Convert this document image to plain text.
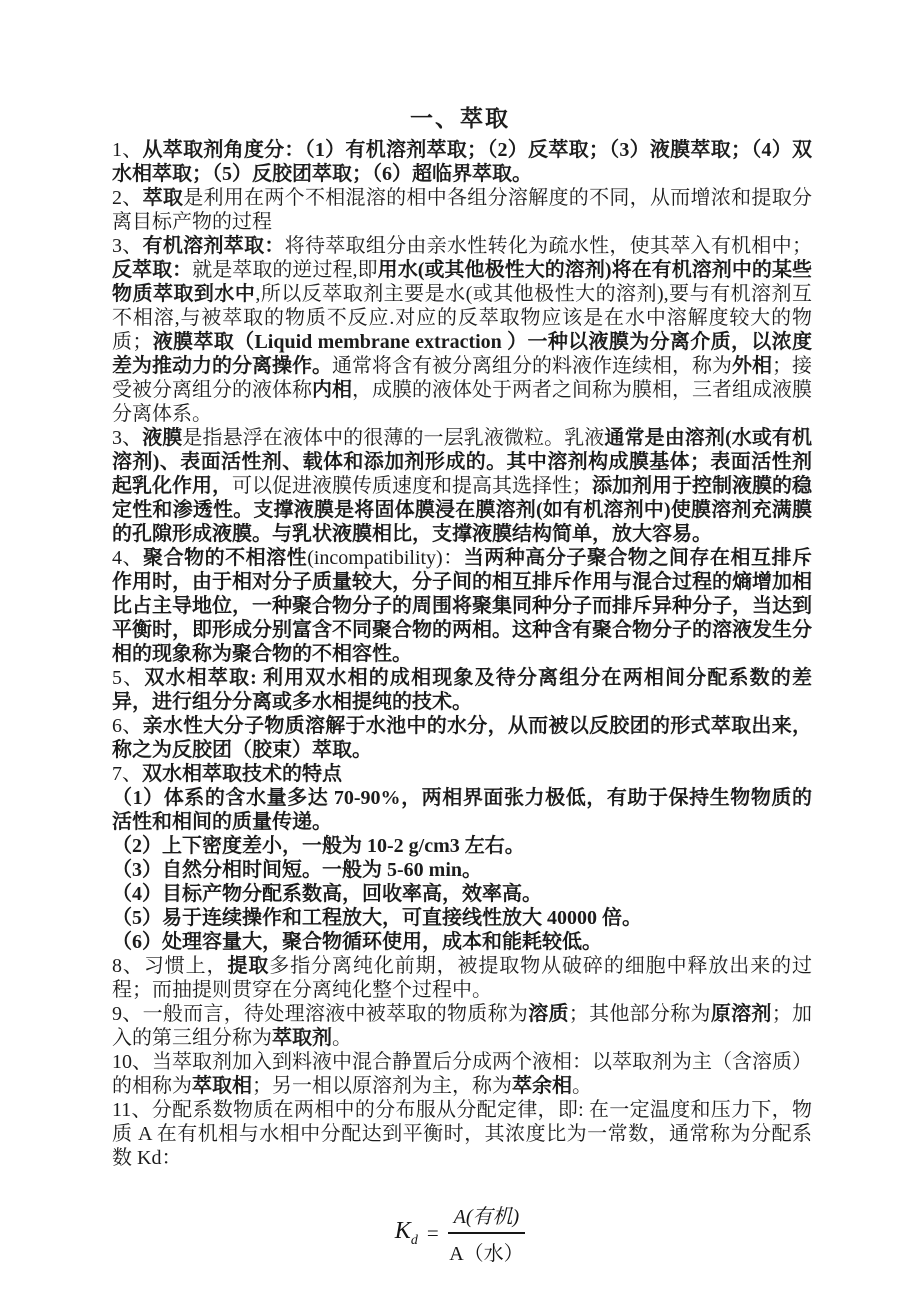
一、萃取

1、从萃取剂角度分：（1）有机溶剂萃取；（2）反萃取；（3）液膜萃取；（4）双水相萃取；（5）反胶团萃取；（6）超临界萃取。

2、萃取是利用在两个不相混溶的相中各组分溶解度的不同，从而增浓和提取分离目标产物的过程

3、有机溶剂萃取：将待萃取组分由亲水性转化为疏水性，使其萃入有机相中；反萃取：就是萃取的逆过程,即用水(或其他极性大的溶剂)将在有机溶剂中的某些物质萃取到水中,所以反萃取剂主要是水(或其他极性大的溶剂),要与有机溶剂互不相溶,与被萃取的物质不反应.对应的反萃取物应该是在水中溶解度较大的物质；液膜萃取（Liquid membrane extraction ）一种以液膜为分离介质，以浓度差为推动力的分离操作。通常将含有被分离组分的料液作连续相，称为外相；接受被分离组分的液体称内相，成膜的液体处于两者之间称为膜相，三者组成液膜分离体系。

3、液膜是指悬浮在液体中的很薄的一层乳液微粒。乳液通常是由溶剂(水或有机溶剂)、表面活性剂、载体和添加剂形成的。其中溶剂构成膜基体；表面活性剂起乳化作用，可以促进液膜传质速度和提高其选择性；添加剂用于控制液膜的稳定性和渗透性。支撑液膜是将固体膜浸在膜溶剂(如有机溶剂中)使膜溶剂充满膜的孔隙形成液膜。与乳状液膜相比，支撑液膜结构简单，放大容易。

4、聚合物的不相溶性(incompatibility)：当两种高分子聚合物之间存在相互排斥作用时，由于相对分子质量较大，分子间的相互排斥作用与混合过程的熵增加相比占主导地位，一种聚合物分子的周围将聚集同种分子而排斥异种分子，当达到平衡时，即形成分别富含不同聚合物的两相。这种含有聚合物分子的溶液发生分相的现象称为聚合物的不相容性。

5、双水相萃取: 利用双水相的成相现象及待分离组分在两相间分配系数的差异，进行组分分离或多水相提纯的技术。

6、亲水性大分子物质溶解于水池中的水分，从而被以反胶团的形式萃取出来，称之为反胶团（胶束）萃取。

7、双水相萃取技术的特点

（1）体系的含水量多达 70-90%，两相界面张力极低，有助于保持生物物质的活性和相间的质量传递。

（2）上下密度差小，一般为 10-2 g/cm3 左右。

（3）自然分相时间短。一般为 5-60 min。

（4）目标产物分配系数高，回收率高，效率高。

（5）易于连续操作和工程放大，可直接线性放大 40000 倍。

（6）处理容量大，聚合物循环使用，成本和能耗较低。

8、习惯上，提取多指分离纯化前期，被提取物从破碎的细胞中释放出来的过程；而抽提则贯穿在分离纯化整个过程中。

9、一般而言，待处理溶液中被萃取的物质称为溶质；其他部分称为原溶剂；加入的第三组分称为萃取剂。

10、当萃取剂加入到料液中混合静置后分成两个液相：以萃取剂为主（含溶质）的相称为萃取相；另一相以原溶剂为主，称为萃余相。

11、分配系数物质在两相中的分布服从分配定律，即: 在一定温度和压力下，物质 A 在有机相与水相中分配达到平衡时，其浓度比为一常数，通常称为分配系数 Kd：

$K_d = \frac{\text{A(有机)}}{\text{A（水）}}$
